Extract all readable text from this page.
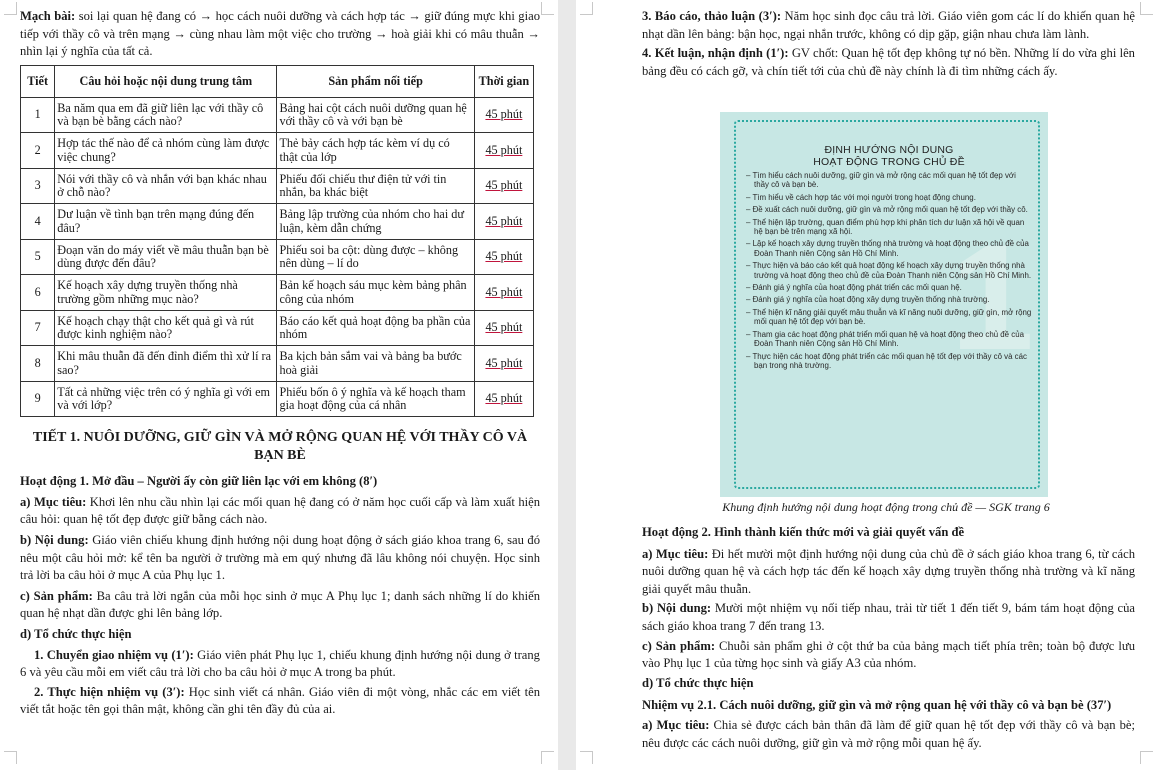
Mạch bài: soi lại quan hệ đang có → học cách nuôi dưỡng và cách hợp tác → giữ đúng mực khi giao tiếp với thầy cô và trên mạng → cùng nhau làm một việc cho trường → hoà giải khi có mâu thuẫn → nhìn lại ý nghĩa của tất cả.

Tiết	Câu hỏi hoặc nội dung trung tâm	Sản phẩm nối tiếp	Thời gian
1	Ba năm qua em đã giữ liên lạc với thầy cô và bạn bè bằng cách nào?	Bảng hai cột cách nuôi dưỡng quan hệ với thầy cô và với bạn bè	45 phút
2	Hợp tác thế nào để cả nhóm cùng làm được việc chung?	Thẻ bảy cách hợp tác kèm ví dụ có thật của lớp	45 phút
3	Nói với thầy cô và nhắn với bạn khác nhau ở chỗ nào?	Phiếu đối chiếu thư điện tử với tin nhắn, ba khác biệt	45 phút
4	Dư luận về tình bạn trên mạng đúng đến đâu?	Bảng lập trường của nhóm cho hai dư luận, kèm dẫn chứng	45 phút
5	Đoạn văn do máy viết về mâu thuẫn bạn bè dùng được đến đâu?	Phiếu soi ba cột: dùng được – không nên dùng – lí do	45 phút
6	Kế hoạch xây dựng truyền thống nhà trường gồm những mục nào?	Bản kế hoạch sáu mục kèm bảng phân công của nhóm	45 phút
7	Kế hoạch chạy thật cho kết quả gì và rút được kinh nghiệm nào?	Báo cáo kết quả hoạt động ba phần của nhóm	45 phút
8	Khi mâu thuẫn đã đến đỉnh điểm thì xử lí ra sao?	Ba kịch bản sắm vai và bảng ba bước hoà giải	45 phút
9	Tất cả những việc trên có ý nghĩa gì với em và với lớp?	Phiếu bốn ô ý nghĩa và kế hoạch tham gia hoạt động của cá nhân	45 phút
TIẾT 1. NUÔI DƯỠNG, GIỮ GÌN VÀ MỞ RỘNG QUAN HỆ VỚI THẦY CÔ VÀ BẠN BÈ

Hoạt động 1. Mở đầu – Người ấy còn giữ liên lạc với em không (8′)

a) Mục tiêu: Khơi lên nhu cầu nhìn lại các mối quan hệ đang có ở năm học cuối cấp và làm xuất hiện câu hỏi: quan hệ tốt đẹp được giữ bằng cách nào.

b) Nội dung: Giáo viên chiếu khung định hướng nội dung hoạt động ở sách giáo khoa trang 6, sau đó nêu một câu hỏi mở: kể tên ba người ở trường mà em quý nhưng đã lâu không nói chuyện. Học sinh trả lời ba câu hỏi ở mục A của Phụ lục 1.

c) Sản phẩm: Ba câu trả lời ngắn của mỗi học sinh ở mục A Phụ lục 1; danh sách những lí do khiến quan hệ nhạt dần được ghi lên bảng lớp.

d) Tổ chức thực hiện

1. Chuyển giao nhiệm vụ (1′): Giáo viên phát Phụ lục 1, chiếu khung định hướng nội dung ở trang 6 và yêu cầu mỗi em viết câu trả lời cho ba câu hỏi ở mục A trong ba phút.

2. Thực hiện nhiệm vụ (3′): Học sinh viết cá nhân. Giáo viên đi một vòng, nhắc các em viết tên viết tắt hoặc tên gọi thân mật, không cần ghi tên đầy đủ của ai.

3. Báo cáo, thảo luận (3′): Năm học sinh đọc câu trả lời. Giáo viên gom các lí do khiến quan hệ nhạt dần lên bảng: bận học, ngại nhắn trước, không có dịp gặp, giận nhau chưa làm lành.

4. Kết luận, nhận định (1′): GV chốt: Quan hệ tốt đẹp không tự nó bền. Những lí do vừa ghi lên bảng đều có cách gỡ, và chín tiết tới của chủ đề này chính là đi tìm những cách ấy.

1
ĐỊNH HƯỚNG NỘI DUNG
HOẠT ĐỘNG TRONG CHỦ ĐỀ
– Tìm hiểu cách nuôi dưỡng, giữ gìn và mở rộng các mối quan hệ tốt đẹp với thầy cô và bạn bè.
– Tìm hiểu về cách hợp tác với mọi người trong hoạt động chung.
– Đề xuất cách nuôi dưỡng, giữ gìn và mở rộng mối quan hệ tốt đẹp với thầy cô.
– Thể hiện lập trường, quan điểm phù hợp khi phân tích dư luận xã hội về quan hệ bạn bè trên mạng xã hội.
– Lập kế hoạch xây dựng truyền thống nhà trường và hoạt động theo chủ đề của Đoàn Thanh niên Cộng sản Hồ Chí Minh.
– Thực hiện và báo cáo kết quả hoạt động kế hoạch xây dựng truyền thống nhà trường và hoạt động theo chủ đề của Đoàn Thanh niên Cộng sản Hồ Chí Minh.
– Đánh giá ý nghĩa của hoạt động phát triển các mối quan hệ.
– Đánh giá ý nghĩa của hoạt động xây dựng truyền thống nhà trường.
– Thể hiện kĩ năng giải quyết mâu thuẫn và kĩ năng nuôi dưỡng, giữ gìn, mở rộng mối quan hệ tốt đẹp với bạn bè.
– Tham gia các hoạt động phát triển mối quan hệ và hoạt động theo chủ đề của Đoàn Thanh niên Cộng sản Hồ Chí Minh.
– Thực hiện các hoạt động phát triển các mối quan hệ tốt đẹp với thầy cô và các bạn trong nhà trường.
Khung định hướng nội dung hoạt động trong chủ đề — SGK trang 6

Hoạt động 2. Hình thành kiến thức mới và giải quyết vấn đề

a) Mục tiêu: Đi hết mười một định hướng nội dung của chủ đề ở sách giáo khoa trang 6, từ cách nuôi dưỡng quan hệ và cách hợp tác đến kế hoạch xây dựng truyền thống nhà trường và kĩ năng giải quyết mâu thuẫn.

b) Nội dung: Mười một nhiệm vụ nối tiếp nhau, trải từ tiết 1 đến tiết 9, bám tám hoạt động của sách giáo khoa trang 7 đến trang 13.

c) Sản phẩm: Chuỗi sản phẩm ghi ở cột thứ ba của bảng mạch tiết phía trên; toàn bộ được lưu vào Phụ lục 1 của từng học sinh và giấy A3 của nhóm.

d) Tổ chức thực hiện

Nhiệm vụ 2.1. Cách nuôi dưỡng, giữ gìn và mở rộng quan hệ với thầy cô và bạn bè (37′)

a) Mục tiêu: Chia sẻ được cách bản thân đã làm để giữ quan hệ tốt đẹp với thầy cô và bạn bè; nêu được các cách nuôi dưỡng, giữ gìn và mở rộng mỗi quan hệ ấy.
